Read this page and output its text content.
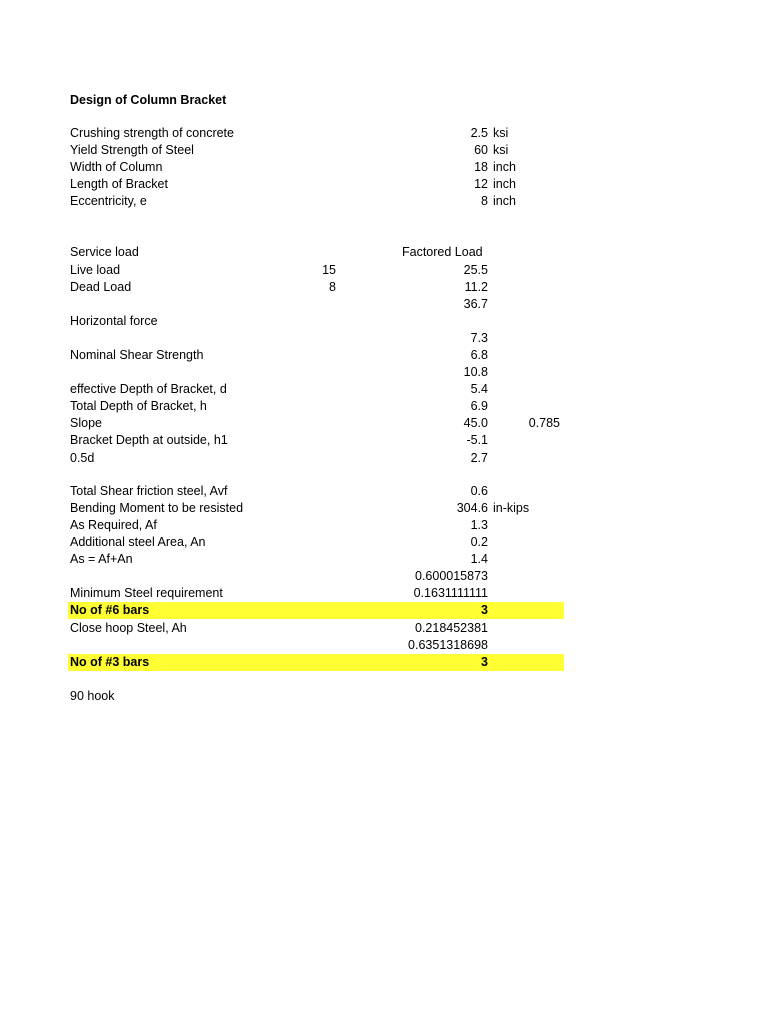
Design of Column Bracket
Crushing strength of concrete	2.5 ksi
Yield Strength of Steel	60 ksi
Width of Column	18 inch
Length of Bracket	12 inch
Eccentricity, e	8 inch
Service load	Factored Load
Live load	15	25.5
Dead Load	8	11.2
36.7
Horizontal force
7.3
Nominal Shear Strength	6.8
10.8
effective Depth of Bracket, d	5.4
Total Depth of Bracket, h	6.9
Slope	45.0	0.785
Bracket Depth at outside, h1	-5.1
0.5d	2.7
Total Shear friction steel, Avf	0.6
Bending Moment to be resisted	304.6 in-kips
As Required, Af	1.3
Additional steel Area, An	0.2
As = Af+An	1.4
0.600015873
Minimum Steel requirement	0.1631111111
No of #6 bars	3
Close hoop Steel, Ah	0.218452381
0.6351318698
No of #3 bars	3
90 hook
